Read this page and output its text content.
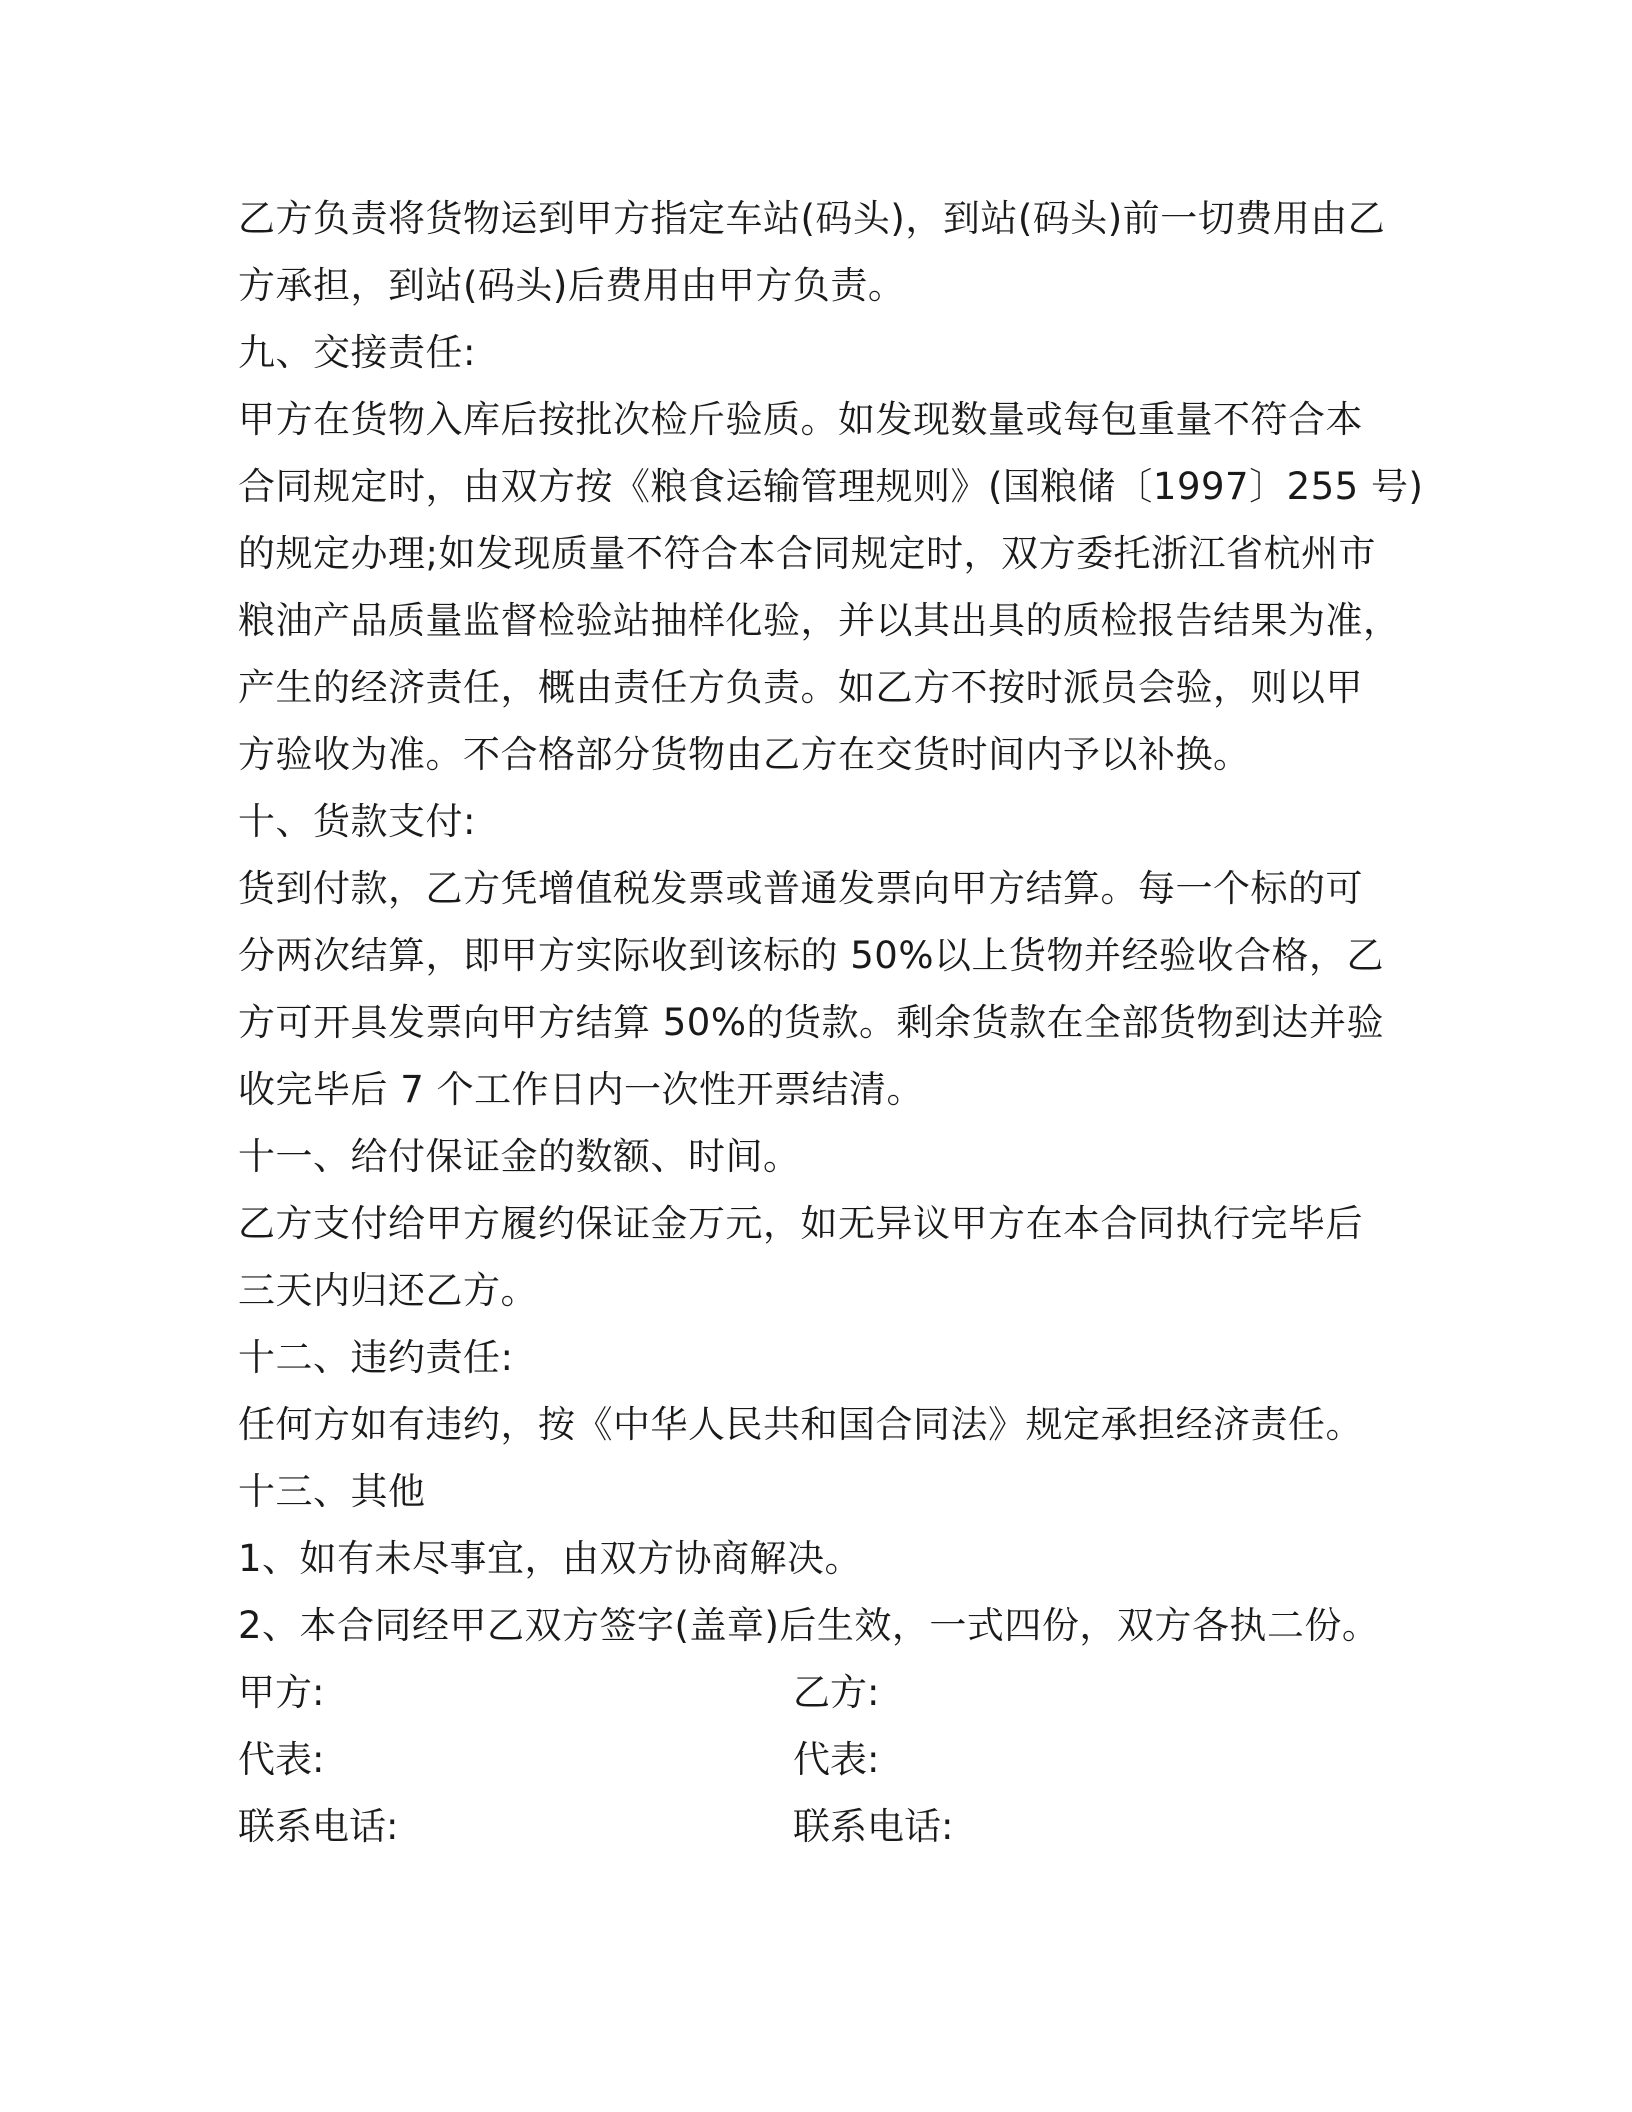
乙方负责将货物运到甲方指定车站(码头)，到站(码头)前一切费用由乙
方承担，到站(码头)后费用由甲方负责。
九、交接责任:
甲方在货物入库后按批次检斤验质。如发现数量或每包重量不符合本
合同规定时，由双方按《粮食运输管理规则》(国粮储〔1997〕255 号)
的规定办理;如发现质量不符合本合同规定时，双方委托浙江省杭州市
粮油产品质量监督检验站抽样化验，并以其出具的质检报告结果为准，
产生的经济责任，概由责任方负责。如乙方不按时派员会验，则以甲
方验收为准。不合格部分货物由乙方在交货时间内予以补换。
十、货款支付:
货到付款，乙方凭增值税发票或普通发票向甲方结算。每一个标的可
分两次结算，即甲方实际收到该标的 50%以上货物并经验收合格，乙
方可开具发票向甲方结算 50%的货款。剩余货款在全部货物到达并验
收完毕后 7 个工作日内一次性开票结清。
十一、给付保证金的数额、时间。
乙方支付给甲方履约保证金万元，如无异议甲方在本合同执行完毕后
三天内归还乙方。
十二、违约责任:
任何方如有违约，按《中华人民共和国合同法》规定承担经济责任。
十三、其他
1、如有未尽事宜，由双方协商解决。
2、本合同经甲乙双方签字(盖章)后生效，一式四份，双方各执二份。
甲方:	乙方:
代表:	代表:
联系电话:	联系电话:
